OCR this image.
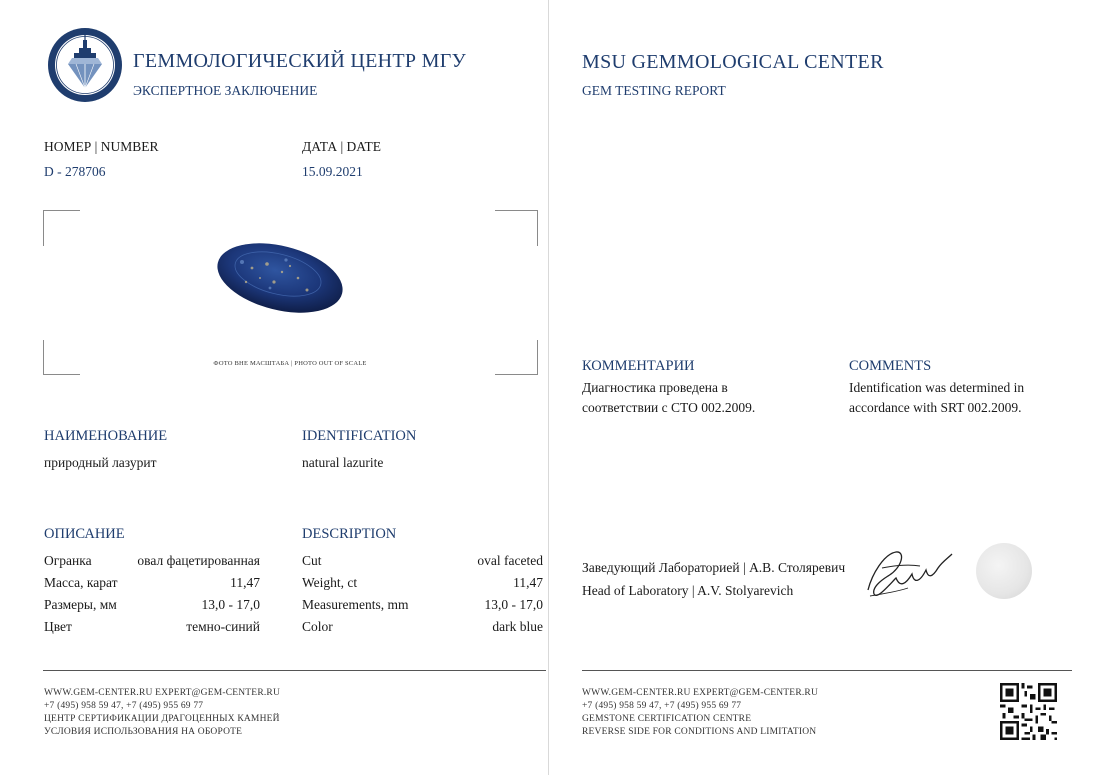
ГЕММОЛОГИЧЕСКИЙ ЦЕНТР МГУ
ЭКСПЕРТНОЕ ЗАКЛЮЧЕНИЕ
MSU GEMMOLOGICAL CENTER
GEM TESTING REPORT
НОМЕР | NUMBER
D - 278706
ДАТА | DATE
15.09.2021
ФОТО ВНЕ МАСШТАБА | PHOTO OUT OF SCALE
НАИМЕНОВАНИЕ
природный лазурит
IDENTIFICATION
natural lazurite
ОПИСАНИЕ	DESCRIPTION
Огранка	овал фацетированная
Масса, карат	11,47
Размеры, мм	13,0 - 17,0
Цвет	темно-синий
Cut	oval faceted
Weight, ct	11,47
Measurements, mm	13,0 - 17,0
Color	dark blue
КОММЕНТАРИИ
Диагностика проведена в
соответствии с СТО 002.2009.
COMMENTS
Identification was determined in
accordance with SRT 002.2009.
Заведующий Лабораторией | А.В. Столяревич
Head of Laboratory | A.V. Stolyarevich
WWW.GEM-CENTER.RU EXPERT@GEM-CENTER.RU
+7 (495) 958 59 47, +7 (495) 955 69 77
ЦЕНТР СЕРТИФИКАЦИИ ДРАГОЦЕННЫХ КАМНЕЙ
УСЛОВИЯ ИСПОЛЬЗОВАНИЯ НА ОБОРОТЕ
WWW.GEM-CENTER.RU EXPERT@GEM-CENTER.RU
+7 (495) 958 59 47, +7 (495) 955 69 77
GEMSTONE CERTIFICATION CENTRE
REVERSE SIDE FOR CONDITIONS AND LIMITATION
